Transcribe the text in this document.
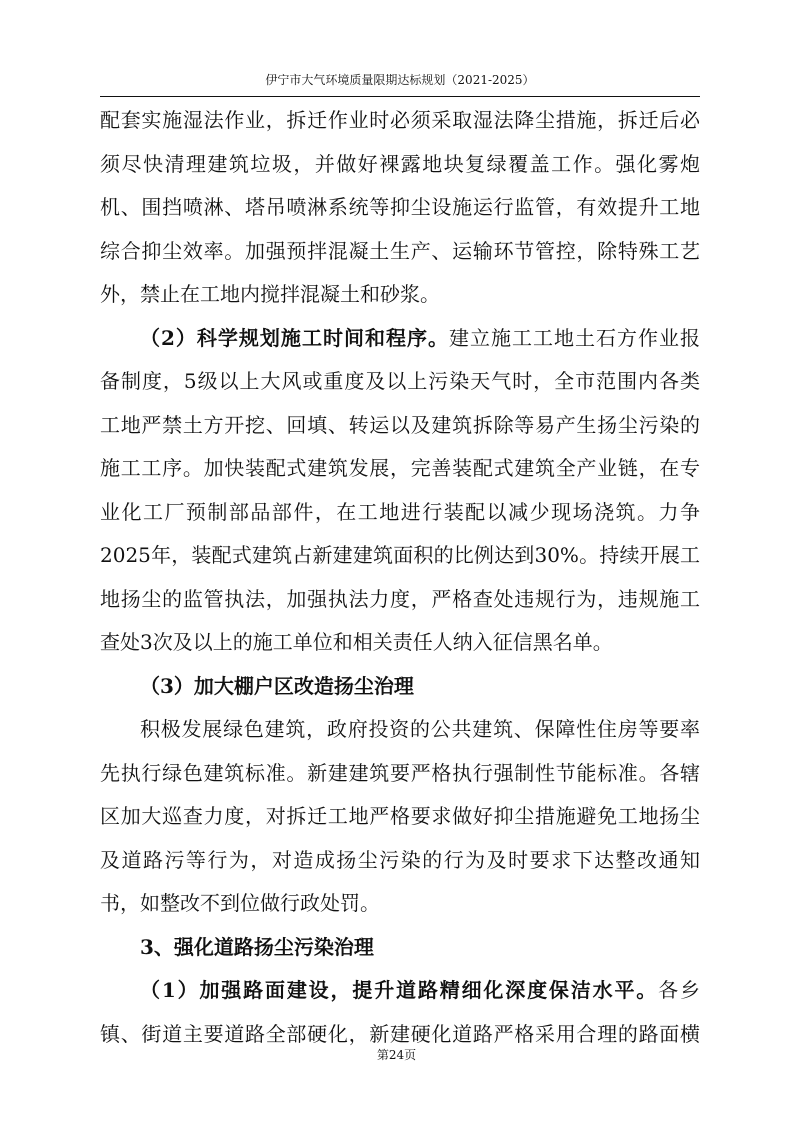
伊宁市大气环境质量限期达标规划（2021-2025）

配套实施湿法作业，拆迁作业时必须采取湿法降尘措施，拆迁后必

须尽快清理建筑垃圾，并做好裸露地块复绿覆盖工作。强化雾炮

机、围挡喷淋、塔吊喷淋系统等抑尘设施运行监管，有效提升工地

综合抑尘效率。加强预拌混凝土生产、运输环节管控，除特殊工艺

外，禁止在工地内搅拌混凝土和砂浆。

（2）科学规划施工时间和程序。建立施工工地土石方作业报

备制度，5级以上大风或重度及以上污染天气时，全市范围内各类

工地严禁土方开挖、回填、转运以及建筑拆除等易产生扬尘污染的

施工工序。加快装配式建筑发展，完善装配式建筑全产业链，在专

业化工厂预制部品部件，在工地进行装配以减少现场浇筑。力争

2025年，装配式建筑占新建建筑面积的比例达到30%。持续开展工

地扬尘的监管执法，加强执法力度，严格查处违规行为，违规施工

查处3次及以上的施工单位和相关责任人纳入征信黑名单。

（3）加大棚户区改造扬尘治理

积极发展绿色建筑，政府投资的公共建筑、保障性住房等要率

先执行绿色建筑标准。新建建筑要严格执行强制性节能标准。各辖

区加大巡查力度，对拆迁工地严格要求做好抑尘措施避免工地扬尘

及道路污等行为，对造成扬尘污染的行为及时要求下达整改通知

书，如整改不到位做行政处罚。

3、强化道路扬尘污染治理

（1）加强路面建设，提升道路精细化深度保洁水平。各乡

镇、街道主要道路全部硬化，新建硬化道路严格采用合理的路面横

第24页
